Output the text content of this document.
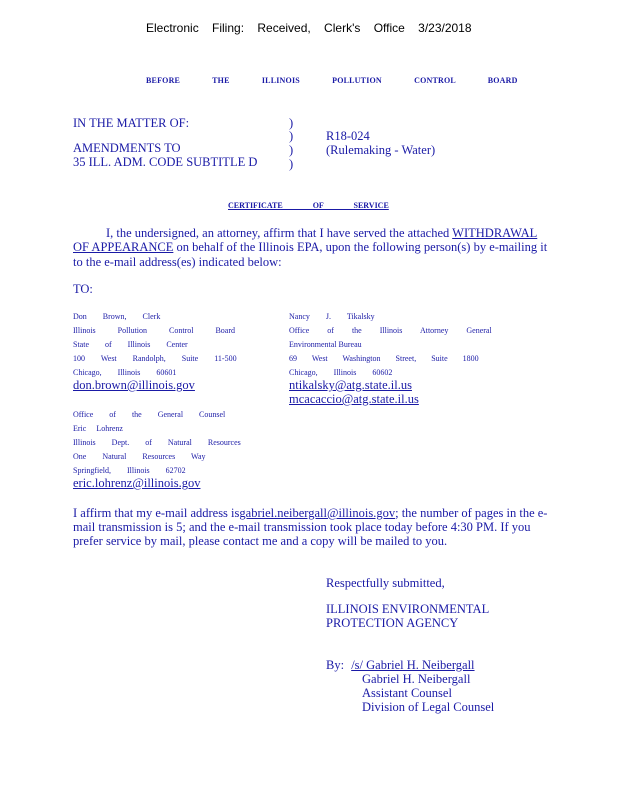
Electronic Filing: Received, Clerk's Office 3/23/2018
BEFORE THE ILLINOIS POLLUTION CONTROL BOARD
IN THE MATTER OF:
AMENDMENTS TO
35 ILL. ADM. CODE SUBTITLE D
)
)
)
)
R18-024
(Rulemaking - Water)
CERTIFICATE OF SERVICE
I, the undersigned, an attorney, affirm that I have served the attached WITHDRAWAL
OF APPEARANCE on behalf of the Illinois EPA, upon the following person(s) by e-mailing it
to the e-mail address(es) indicated below:
TO:
Don Brown, Clerk
Illinois Pollution Control Board
State of Illinois Center
100 West Randolph, Suite 11-500
Chicago, Illinois 60601
don.brown@illinois.gov
Nancy J. Tikalsky
Office of the Illinois Attorney General
Environmental Bureau
69 West Washington Street, Suite 1800
Chicago, Illinois 60602
ntikalsky@atg.state.il.us
mcacaccio@atg.state.il.us
Office of the General Counsel
Eric Lohrenz
Illinois Dept. of Natural Resources
One Natural Resources Way
Springfield, Illinois 62702
eric.lohrenz@illinois.gov
I affirm that my e-mail address isgabriel.neibergall@illinois.gov; the number of pages in the e-
mail transmission is 5; and the e-mail transmission took place today before 4:30 PM. If you
prefer service by mail, please contact me and a copy will be mailed to you.
Respectfully submitted,
ILLINOIS ENVIRONMENTAL
PROTECTION AGENCY
By: /s/ Gabriel H. Neibergall
Gabriel H. Neibergall
Assistant Counsel
Division of Legal Counsel
